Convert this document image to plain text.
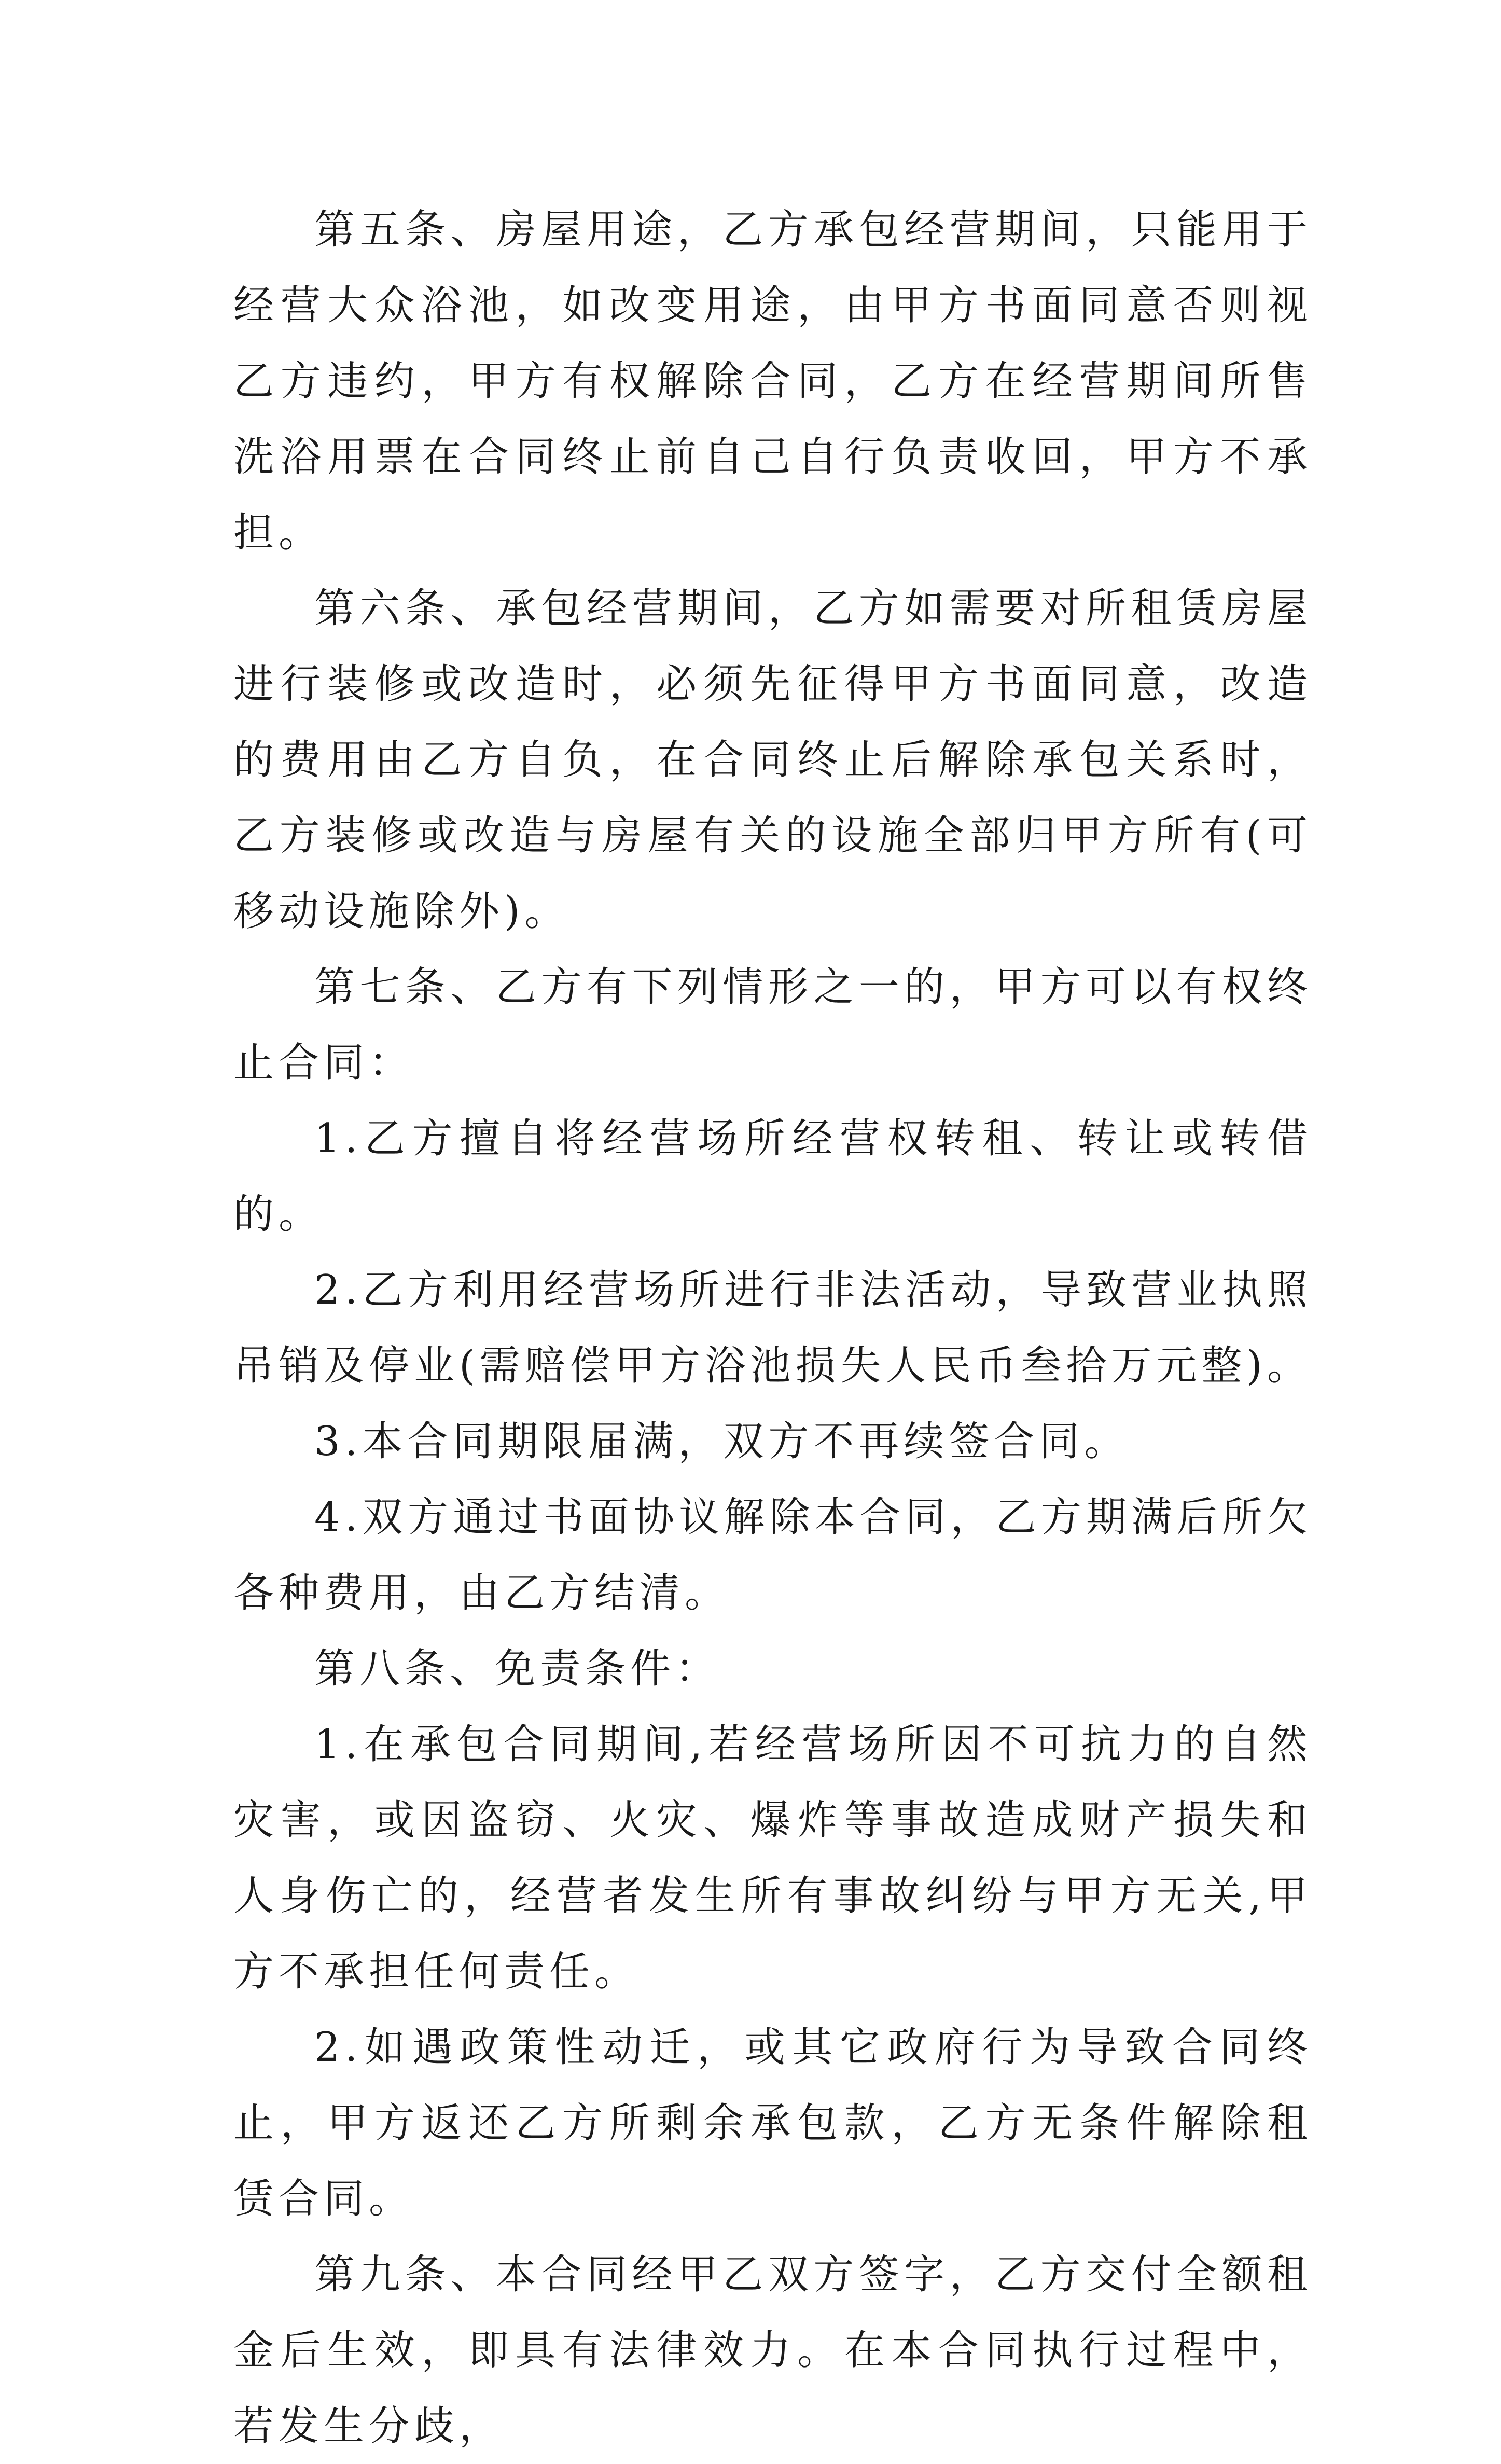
第五条、房屋用途，乙方承包经营期间，只能用于经营大众浴池，如改变用途，由甲方书面同意否则视乙方违约，甲方有权解除合同，乙方在经营期间所售洗浴用票在合同终止前自己自行负责收回，甲方不承担。

第六条、承包经营期间，乙方如需要对所租赁房屋进行装修或改造时，必须先征得甲方书面同意，改造的费用由乙方自负，在合同终止后解除承包关系时，乙方装修或改造与房屋有关的设施全部归甲方所有(可移动设施除外)。

第七条、乙方有下列情形之一的，甲方可以有权终止合同：

1.乙方擅自将经营场所经营权转租、转让或转借的。

2.乙方利用经营场所进行非法活动，导致营业执照吊销及停业(需赔偿甲方浴池损失人民币叁拾万元整)。

3.本合同期限届满，双方不再续签合同。

4.双方通过书面协议解除本合同，乙方期满后所欠各种费用，由乙方结清。

第八条、免责条件：

1.在承包合同期间,若经营场所因不可抗力的自然灾害，或因盗窃、火灾、爆炸等事故造成财产损失和人身伤亡的，经营者发生所有事故纠纷与甲方无关,甲方不承担任何责任。

2.如遇政策性动迁，或其它政府行为导致合同终止，甲方返还乙方所剩余承包款，乙方无条件解除租赁合同。

第九条、本合同经甲乙双方签字，乙方交付全额租金后生效，即具有法律效力。在本合同执行过程中，若发生分歧，
